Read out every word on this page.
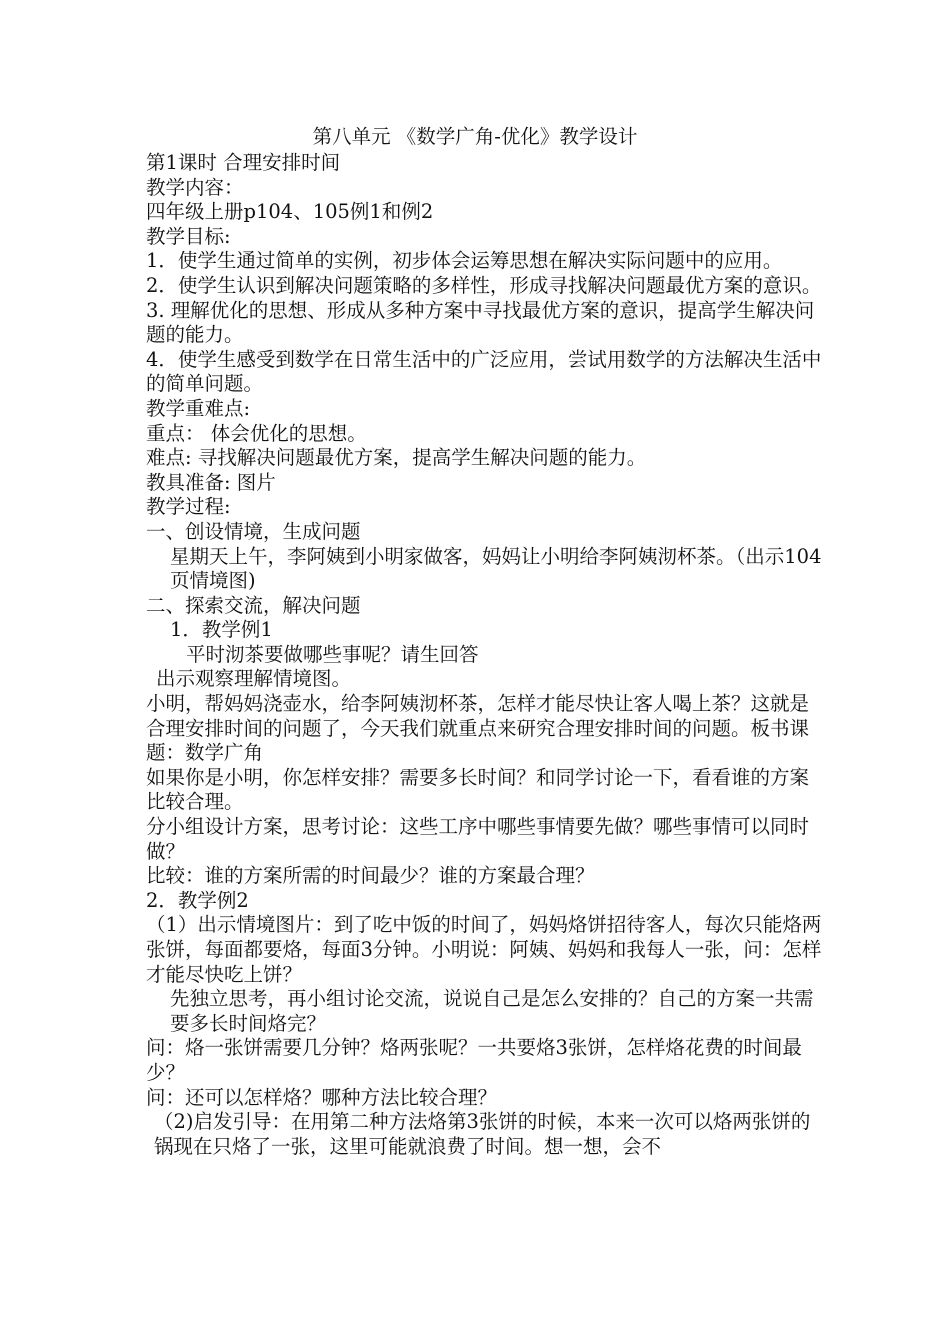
第八单元 《数学广角-优化》教学设计

第1课时 合理安排时间

教学内容：

四年级上册p104、105例1和例2

教学目标:

1．使学生通过简单的实例，初步体会运筹思想在解决实际问题中的应用。

2．使学生认识到解决问题策略的多样性，形成寻找解决问题最优方案的意识。

3. 理解优化的思想、形成从多种方案中寻找最优方案的意识，提高学生解决问题的能力。

4．使学生感受到数学在日常生活中的广泛应用，尝试用数学的方法解决生活中的简单问题。

教学重难点:

重点： 体会优化的思想。

难点: 寻找解决问题最优方案，提高学生解决问题的能力。

教具准备: 图片

教学过程:

一、创设情境，生成问题

星期天上午，李阿姨到小明家做客，妈妈让小明给李阿姨沏杯茶。（出示104页情境图)

二、探索交流，解决问题

1．教学例1

平时沏茶要做哪些事呢？请生回答

出示观察理解情境图。

小明，帮妈妈浇壶水，给李阿姨沏杯茶，怎样才能尽快让客人喝上茶？这就是合理安排时间的问题了，今天我们就重点来研究合理安排时间的问题。板书课题：数学广角

如果你是小明，你怎样安排？需要多长时间？和同学讨论一下，看看谁的方案比较合理。

分小组设计方案，思考讨论：这些工序中哪些事情要先做？哪些事情可以同时做？

比较：谁的方案所需的时间最少？谁的方案最合理？

2．教学例2

（1）出示情境图片：到了吃中饭的时间了，妈妈烙饼招待客人，每次只能烙两张饼，每面都要烙，每面3分钟。小明说：阿姨、妈妈和我每人一张，问：怎样才能尽快吃上饼？

先独立思考，再小组讨论交流，说说自己是怎么安排的？自己的方案一共需要多长时间烙完？

问：烙一张饼需要几分钟？烙两张呢？一共要烙3张饼，怎样烙花费的时间最少？

问：还可以怎样烙？哪种方法比较合理？

（2)启发引导：在用第二种方法烙第3张饼的时候，本来一次可以烙两张饼的锅现在只烙了一张，这里可能就浪费了时间。想一想，会不
